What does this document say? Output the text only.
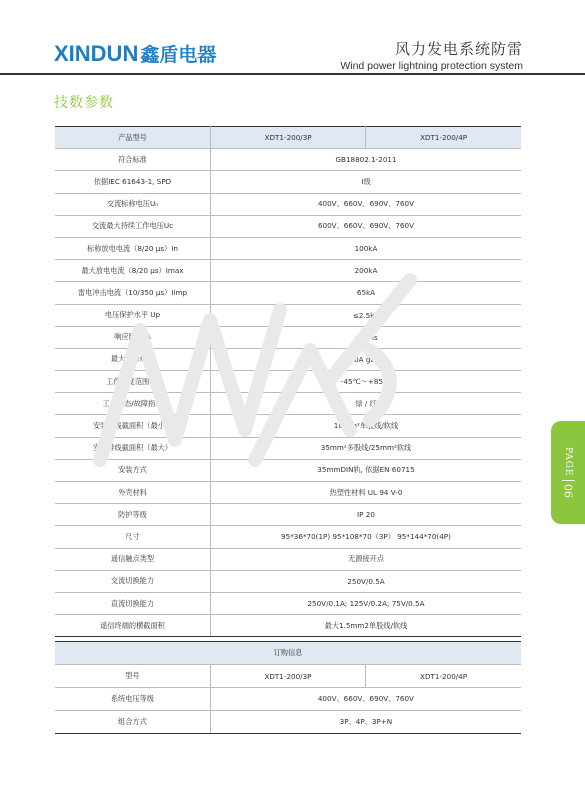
XINDUN 鑫盾电器	风力发电系统防雷
Wind power lightning protection system
技数参数
产品型号	XDT1-200/3P	XDT1-200/4P
符合标准	GB18802.1-2011	
依据IEC 61643-1, SPD	I级	
交流标称电压Uₙ	400V、660V、690V、760V	
交流最大持续工作电压Uc	600V、660V、690V、760V	
标称放电电流（8/20 μs）In	100kA	
最大放电电流（8/20 μs）Imax	200kA	
雷电冲击电流（10/350 μs）Iimp	65kA	
电压保护水平 Up	≤2.5kV	
响应时间tA	≤25ns	
最大后备熔丝	100A gL/gG	
工作温度范围TU	-45℃～+85℃	
工作状态/故障指示	绿 / 红	
安装导线截面积（最小）	10mm²单股线/软线	
安装导线截面积（最大）	35mm²多股线/25mm²软线	
安装方式	35mmDIN轨, 依据EN 60715	
外壳材料	热塑性材料 UL 94 V-0	
防护等级	IP 20	
尺寸	95*36*70(1P) 95*108*70（3P） 95*144*70(4P)	
遥信触点类型	无源接开点	
交流切换能力	250V/0.5A	
直流切换能力	250V/0.1A; 125V/0.2A; 75V/0.5A	
遥信终端的横截面积	最大1.5mm2单股线/软线	
订购信息		
型号	XDT1-200/3P	XDT1-200/4P
系统电压等级	400V、660V、690V、760V	
组合方式	3P、4P、3P+N	
PAGE
06
